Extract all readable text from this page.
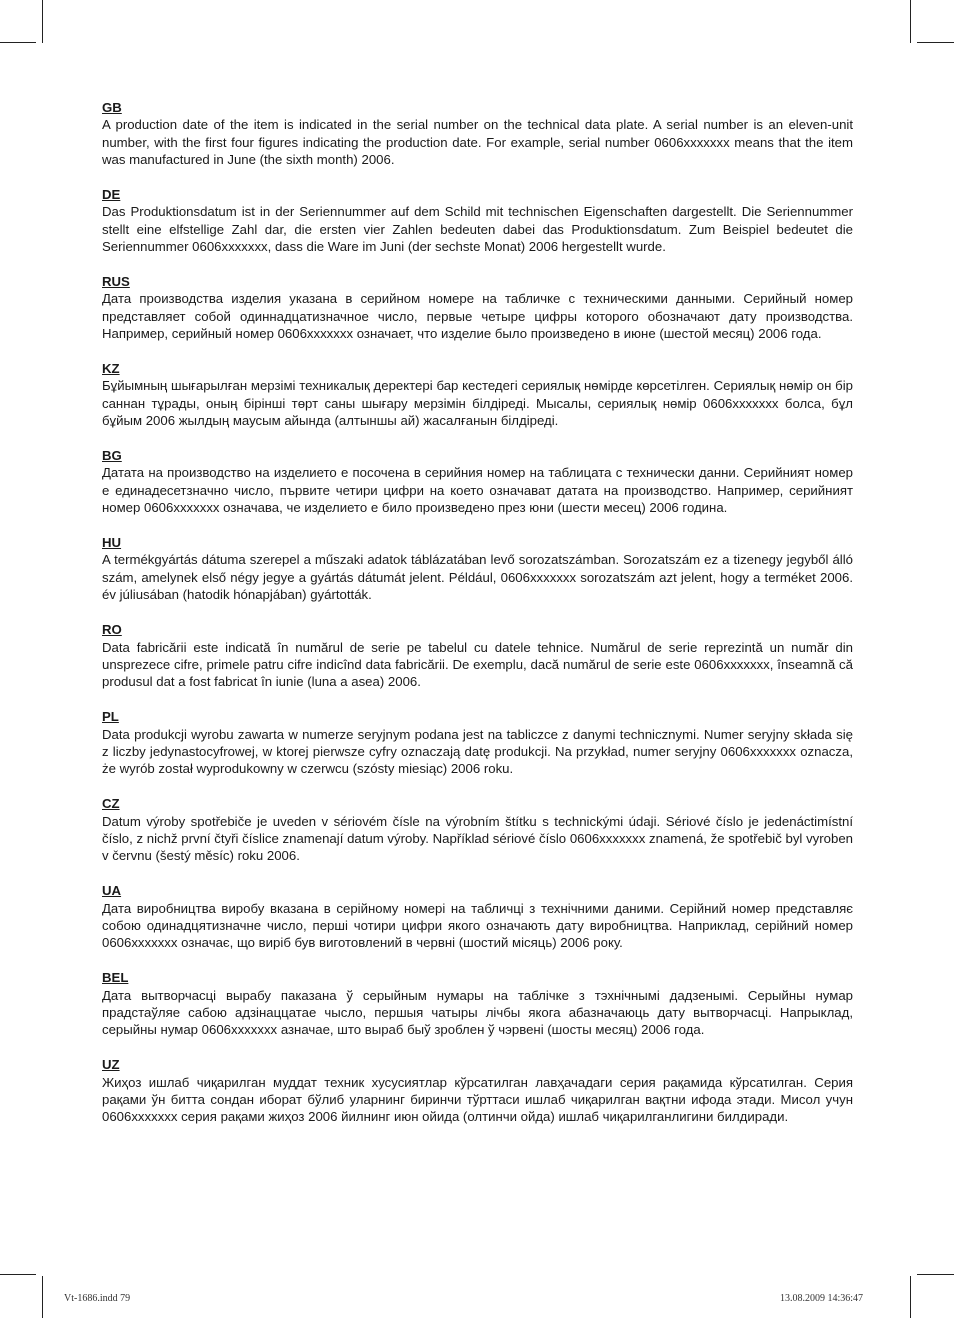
GB

A production date of the item is indicated in the serial number on the technical data plate. A serial number is an eleven-unit number, with the first four figures indicating the production date. For example, serial number 0606xxxxxxx means that the item was manufactured in June (the sixth month) 2006.

DE

Das Produktionsdatum ist in der Seriennummer auf dem Schild mit technischen Eigenschaften dargestellt. Die Seriennummer stellt eine elfstellige Zahl dar, die ersten vier Zahlen bedeuten dabei das Produktionsdatum. Zum Beispiel bedeutet die Seriennummer 0606xxxxxxx, dass die Ware im Juni (der sechste Monat) 2006 hergestellt wurde.

RUS

Дата производства изделия указана в серийном номере на табличке с техническими данными. Серийный номер представляет собой одиннадцатизначное число, первые четыре цифры которого обозначают дату производства. Например, серийный номер 0606xxxxxxx означает, что изделие было произведено в июне (шестой месяц) 2006 года.

KZ

Бұйымның шығарылған мерзімі техникалық деректері бар кестедегі сериялық нөмірде көрсетілген. Сериялық нөмір он бір саннан тұрады, оның бірінші төрт саны шығару мерзімін білдіреді. Мысалы, сериялық нөмір 0606xxxxxxx болса, бұл бұйым 2006 жылдың маусым айында (алтыншы ай) жасалғанын білдіреді.

BG

Датата на производство на изделието е посочена в серийния номер на таблицата с технически данни. Серийният номер е единадесетзначно число, първите четири цифри на което означават датата на производство. Например, серийният номер 0606xxxxxxx означава, че изделието е било произведено през юни (шести месец) 2006 година.

HU

A termékgyártás dátuma szerepel a műszaki adatok táblázatában levő sorozatszámban. Sorozatszám ez a tizenegy jegyből álló szám, amelynek első négy jegye a gyártás dátumát jelent. Például, 0606xxxxxxx sorozatszám azt jelent, hogy a terméket 2006. év júliusában (hatodik hónapjában) gyártották.

RO

Data fabricării este indicată în numărul de serie pe tabelul cu datele tehnice. Numărul de serie reprezintă un număr din unsprezece cifre, primele patru cifre indicînd data fabricării. De exemplu, dacă numărul de serie este 0606xxxxxxx, înseamnă că produsul dat a fost fabricat în iunie (luna a asea) 2006.

PL

Data produkcji wyrobu zawarta w numerze seryjnym podana jest na tabliczce z danymi technicznymi. Numer seryjny składa się z liczby jedynastocyfrowej, w ktorej pierwsze cyfry oznaczają datę produkcji. Na przykład, numer seryjny 0606xxxxxxx oznacza, że wyrób został wyprodukowny w czerwcu (szósty miesiąc) 2006 roku.

CZ

Datum výroby spotřebiče je uveden v sériovém čísle na výrobním štítku s technickými údaji. Sériové číslo je jedenáctimístní číslo, z nichž první čtyři číslice znamenají datum výroby. Například sériové číslo 0606xxxxxxx znamená, že spotřebič byl vyroben v červnu (šestý měsíc) roku 2006.

UA

Дата виробництва виробу вказана в серійному номері на табличці з технічними даними. Серійний номер представляє собою одинадцятизначне число, перші чотири цифри якого означають дату виробництва. Наприклад, серійний номер 0606xxxxxxx означає, що виріб був виготовлений в червні (шостий місяць) 2006 року.

BEL

Дата вытворчасці вырабу паказана ў серыйным нумары на таблічке з тэхнічнымі дадзенымі. Серыйны нумар прадстаўляе сабою адзінаццатае чысло, першыя чатыры лічбы якога абазначаюць дату вытворчасці. Напрыклад, серыйны нумар 0606xxxxxxx азначае, што выраб быў зроблен ў чэрвені (шосты месяц) 2006 года.

UZ

Жиҳоз ишлаб чиқарилган муддат техник хусусиятлар кўрсатилган лавҳачадаги серия рақамида кўрсатилган. Серия рақами ўн битта сондан иборат бўлиб уларнинг биринчи тўрттаси ишлаб чиқарилган вақтни ифода этади. Мисол учун 0606xxxxxxx серия рақами жиҳоз 2006 йилнинг июн ойида (олтинчи ойда) ишлаб чиқарилганлигини билдиради.

Vt-1686.indd 79	13.08.2009 14:36:47
